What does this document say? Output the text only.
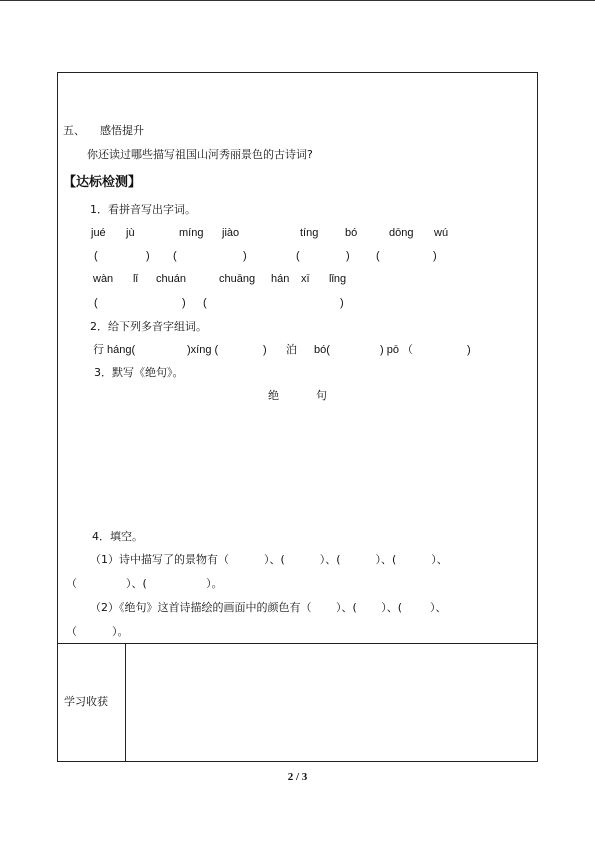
五、 感悟提升
你还读过哪些描写祖国山河秀丽景色的古诗词?
【达标检测】
1．看拼音写出字词。
jué jù	míng jiào	tíng bó	dōng wú
(	) (	)	(	) (	)
wàn lǐ chuán	chuāng hán xī lǐng
(	) (	)
2．给下列多音字组词。
行 háng(	)xíng (	) 泊 bó(	) pō （	)
3．默写《绝句》。
绝	句
4．填空。
（1）诗中描写了的景物有（          ）、(          ）、(          ）、(          ）、
（              ）、(                 ）。
（2）《绝句》这首诗描绘的画面中的颜色有（       ）、(       ）、(        ）、
（          ）。
学习收获
2 / 3
